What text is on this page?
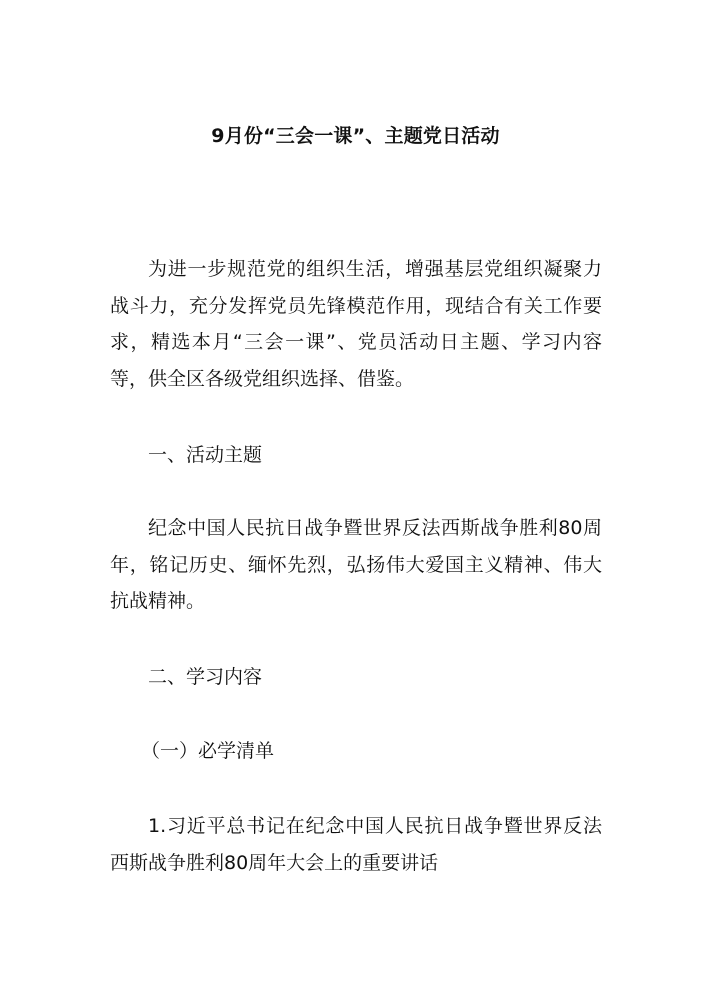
9月份“三会一课”、主题党日活动

为进一步规范党的组织生活，增强基层党组织凝聚力战斗力，充分发挥党员先锋模范作用，现结合有关工作要求，精选本月“三会一课”、党员活动日主题、学习内容等，供全区各级党组织选择、借鉴。

一、活动主题

纪念中国人民抗日战争暨世界反法西斯战争胜利80周年，铭记历史、缅怀先烈，弘扬伟大爱国主义精神、伟大抗战精神。

二、学习内容

（一）必学清单

1.习近平总书记在纪念中国人民抗日战争暨世界反法西斯战争胜利80周年大会上的重要讲话
